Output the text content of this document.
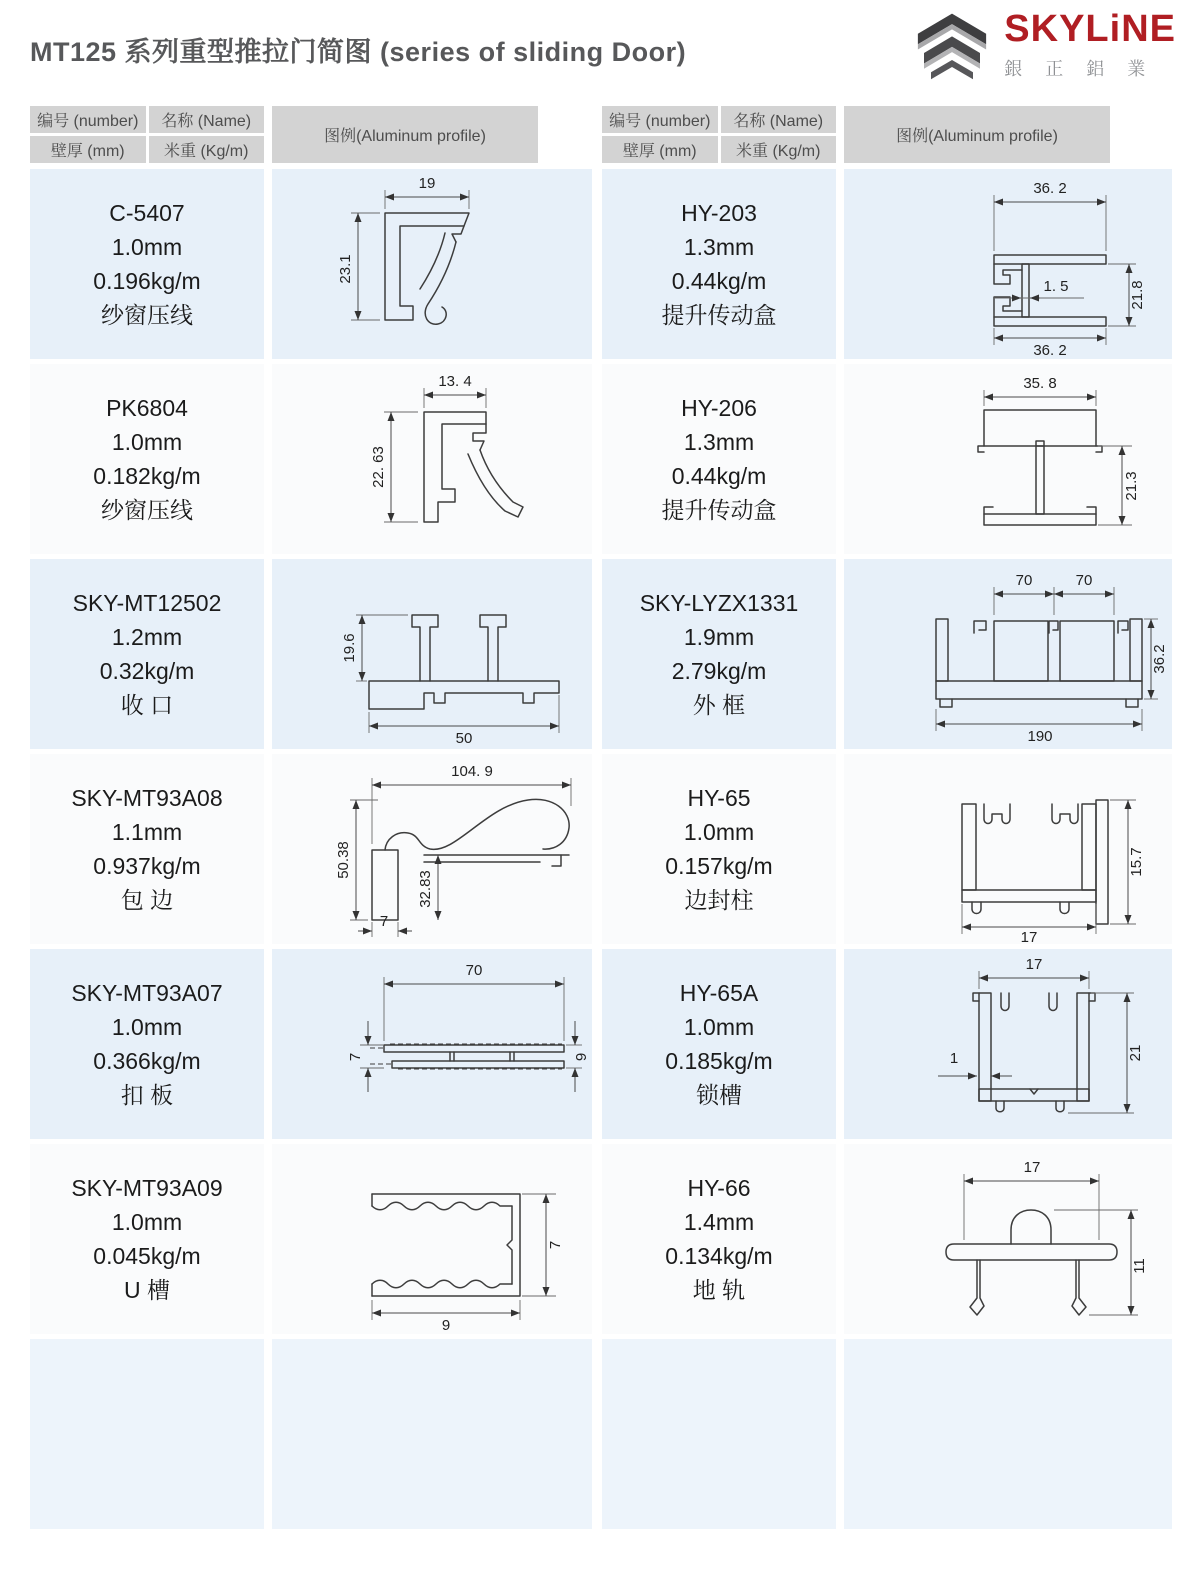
MT125 系列重型推拉门简图 (series of sliding Door)
SKYLiNE
銀 正 鋁 業
编号 (number)	名称 (Name)
壁厚 (mm)	米重 (Kg/m)
图例(Aluminum profile)
C-5407
1.0mm
0.196kg/m
纱窗压线
19
23.1
PK6804
1.0mm
0.182kg/m
纱窗压线
13. 4
22. 63
SKY-MT12502
1.2mm
0.32kg/m
收 口
19.6
50
SKY-MT93A08
1.1mm
0.937kg/m
包 边
104. 9
50.38
32.83
7
SKY-MT93A07
1.0mm
0.366kg/m
扣 板
70
7	9
SKY-MT93A09
1.0mm
0.045kg/m
U 槽
7
9
编号 (number)	名称 (Name)
壁厚 (mm)	米重 (Kg/m)
图例(Aluminum profile)
HY-203
1.3mm
0.44kg/m
提升传动盒
36. 2
1. 5	21.8
36. 2
HY-206
1.3mm
0.44kg/m
提升传动盒
35. 8
21.3
SKY-LYZX1331
1.9mm
2.79kg/m
外 框
70	70
36.2
190
HY-65
1.0mm
0.157kg/m
边封柱
15.7
17
HY-65A
1.0mm
0.185kg/m
锁槽
17
1	21
HY-66
1.4mm
0.134kg/m
地 轨
17
11
